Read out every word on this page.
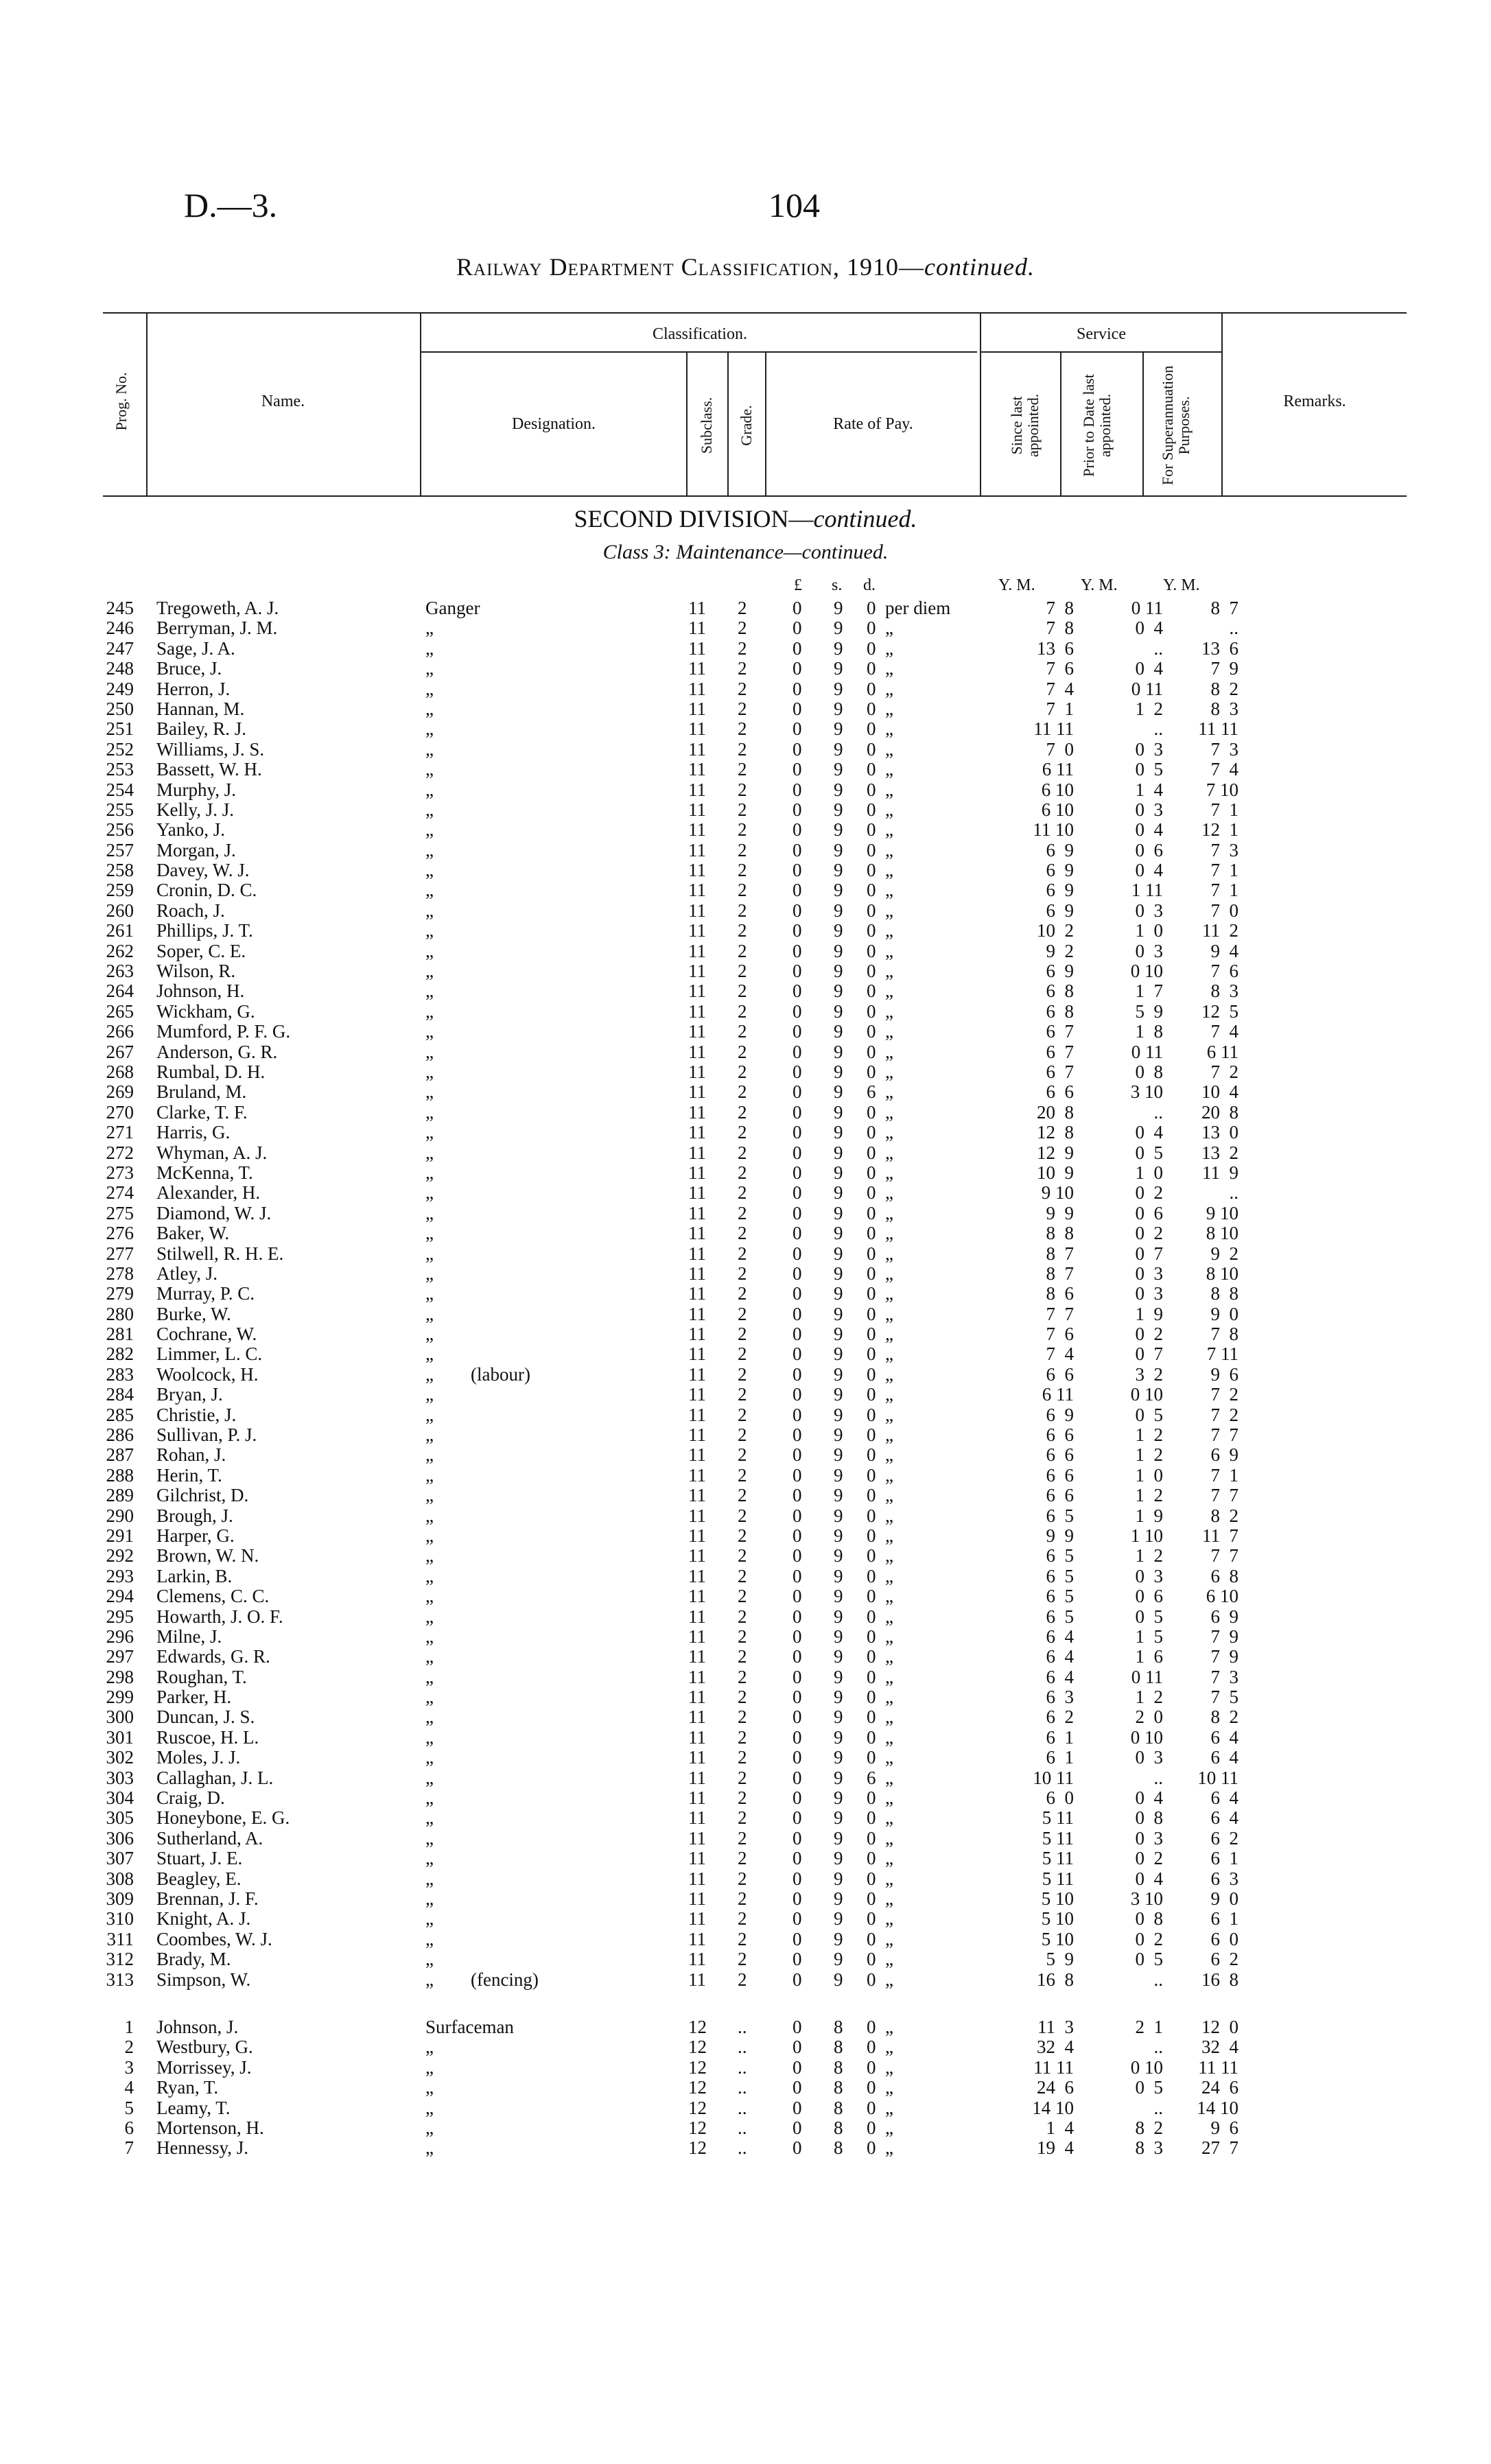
D.—3.	104
Railway Department Classification, 1910—continued.
Prog. No.	Name.
Classification.
Designation.	Subclass. Grade.	Rate of Pay.
Service
Since last appointed.	Prior to Date last appointed.	For Superannuation Purposes.	Remarks.
SECOND DIVISION—continued.
Class 3: Maintenance—continued.
£ s. d.	Y. M.	Y. M.	Y. M.
245 Tregoweth, A. J.	Ganger	11 2 0 9 0 per diem	7  8	0 11	8  7
246 Berryman, J. M.	„	11 2 0 9 0 „	7  8	0  4	..
247 Sage, J. A.	„	11 2 0 9 0 „	13  6	..	13  6
248 Bruce, J.	„	11 2 0 9 0 „	7  6	0  4	7  9
249 Herron, J.	„	11 2 0 9 0 „	7  4	0 11	8  2
250 Hannan, M.	„	11 2 0 9 0 „	7  1	1  2	8  3
251 Bailey, R. J.	„	11 2 0 9 0 „	11 11	..	11 11
252 Williams, J. S.	„	11 2 0 9 0 „	7  0	0  3	7  3
253 Bassett, W. H.	„	11 2 0 9 0 „	6 11	0  5	7  4
254 Murphy, J.	„	11 2 0 9 0 „	6 10	1  4	7 10
255 Kelly, J. J.	„	11 2 0 9 0 „	6 10	0  3	7  1
256 Yanko, J.	„	11 2 0 9 0 „	11 10	0  4	12  1
257 Morgan, J.	„	11 2 0 9 0 „	6  9	0  6	7  3
258 Davey, W. J.	„	11 2 0 9 0 „	6  9	0  4	7  1
259 Cronin, D. C.	„	11 2 0 9 0 „	6  9	1 11	7  1
260 Roach, J.	„	11 2 0 9 0 „	6  9	0  3	7  0
261 Phillips, J. T.	„	11 2 0 9 0 „	10  2	1  0	11  2
262 Soper, C. E.	„	11 2 0 9 0 „	9  2	0  3	9  4
263 Wilson, R.	„	11 2 0 9 0 „	6  9	0 10	7  6
264 Johnson, H.	„	11 2 0 9 0 „	6  8	1  7	8  3
265 Wickham, G.	„	11 2 0 9 0 „	6  8	5  9	12  5
266 Mumford, P. F. G.	„	11 2 0 9 0 „	6  7	1  8	7  4
267 Anderson, G. R.	„	11 2 0 9 0 „	6  7	0 11	6 11
268 Rumbal, D. H.	„	11 2 0 9 0 „	6  7	0  8	7  2
269 Bruland, M.	„	11 2 0 9 6 „	6  6	3 10	10  4
270 Clarke, T. F.	„	11 2 0 9 0 „	20  8	..	20  8
271 Harris, G.	„	11 2 0 9 0 „	12  8	0  4	13  0
272 Whyman, A. J.	„	11 2 0 9 0 „	12  9	0  5	13  2
273 McKenna, T.	„	11 2 0 9 0 „	10  9	1  0	11  9
274 Alexander, H.	„	11 2 0 9 0 „	9 10	0  2	..
275 Diamond, W. J.	„	11 2 0 9 0 „	9  9	0  6	9 10
276 Baker, W.	„	11 2 0 9 0 „	8  8	0  2	8 10
277 Stilwell, R. H. E.	„	11 2 0 9 0 „	8  7	0  7	9  2
278 Atley, J.	„	11 2 0 9 0 „	8  7	0  3	8 10
279 Murray, P. C.	„	11 2 0 9 0 „	8  6	0  3	8  8
280 Burke, W.	„	11 2 0 9 0 „	7  7	1  9	9  0
281 Cochrane, W.	„	11 2 0 9 0 „	7  6	0  2	7  8
282 Limmer, L. C.	„	11 2 0 9 0 „	7  4	0  7	7 11
283 Woolcock, H.	„        (labour)	11 2 0 9 0 „	6  6	3  2	9  6
284 Bryan, J.	„	11 2 0 9 0 „	6 11	0 10	7  2
285 Christie, J.	„	11 2 0 9 0 „	6  9	0  5	7  2
286 Sullivan, P. J.	„	11 2 0 9 0 „	6  6	1  2	7  7
287 Rohan, J.	„	11 2 0 9 0 „	6  6	1  2	6  9
288 Herin, T.	„	11 2 0 9 0 „	6  6	1  0	7  1
289 Gilchrist, D.	„	11 2 0 9 0 „	6  6	1  2	7  7
290 Brough, J.	„	11 2 0 9 0 „	6  5	1  9	8  2
291 Harper, G.	„	11 2 0 9 0 „	9  9	1 10	11  7
292 Brown, W. N.	„	11 2 0 9 0 „	6  5	1  2	7  7
293 Larkin, B.	„	11 2 0 9 0 „	6  5	0  3	6  8
294 Clemens, C. C.	„	11 2 0 9 0 „	6  5	0  6	6 10
295 Howarth, J. O. F.	„	11 2 0 9 0 „	6  5	0  5	6  9
296 Milne, J.	„	11 2 0 9 0 „	6  4	1  5	7  9
297 Edwards, G. R.	„	11 2 0 9 0 „	6  4	1  6	7  9
298 Roughan, T.	„	11 2 0 9 0 „	6  4	0 11	7  3
299 Parker, H.	„	11 2 0 9 0 „	6  3	1  2	7  5
300 Duncan, J. S.	„	11 2 0 9 0 „	6  2	2  0	8  2
301 Ruscoe, H. L.	„	11 2 0 9 0 „	6  1	0 10	6  4
302 Moles, J. J.	„	11 2 0 9 0 „	6  1	0  3	6  4
303 Callaghan, J. L.	„	11 2 0 9 6 „	10 11	..	10 11
304 Craig, D.	„	11 2 0 9 0 „	6  0	0  4	6  4
305 Honeybone, E. G.	„	11 2 0 9 0 „	5 11	0  8	6  4
306 Sutherland, A.	„	11 2 0 9 0 „	5 11	0  3	6  2
307 Stuart, J. E.	„	11 2 0 9 0 „	5 11	0  2	6  1
308 Beagley, E.	„	11 2 0 9 0 „	5 11	0  4	6  3
309 Brennan, J. F.	„	11 2 0 9 0 „	5 10	3 10	9  0
310 Knight, A. J.	„	11 2 0 9 0 „	5 10	0  8	6  1
311 Coombes, W. J.	„	11 2 0 9 0 „	5 10	0  2	6  0
312 Brady, M.	„	11 2 0 9 0 „	5  9	0  5	6  2
313 Simpson, W.	„        (fencing)	11 2 0 9 0 „	16  8	..	16  8
1 Johnson, J.	Surfaceman	12 .. 0 8 0 „	11  3	2  1	12  0
2 Westbury, G.	„	12 .. 0 8 0 „	32  4	..	32  4
3 Morrissey, J.	„	12 .. 0 8 0 „	11 11	0 10	11 11
4 Ryan, T.	„	12 .. 0 8 0 „	24  6	0  5	24  6
5 Leamy, T.	„	12 .. 0 8 0 „	14 10	..	14 10
6 Mortenson, H.	„	12 .. 0 8 0 „	1  4	8  2	9  6
7 Hennessy, J.	„	12 .. 0 8 0 „	19  4	8  3	27  7
